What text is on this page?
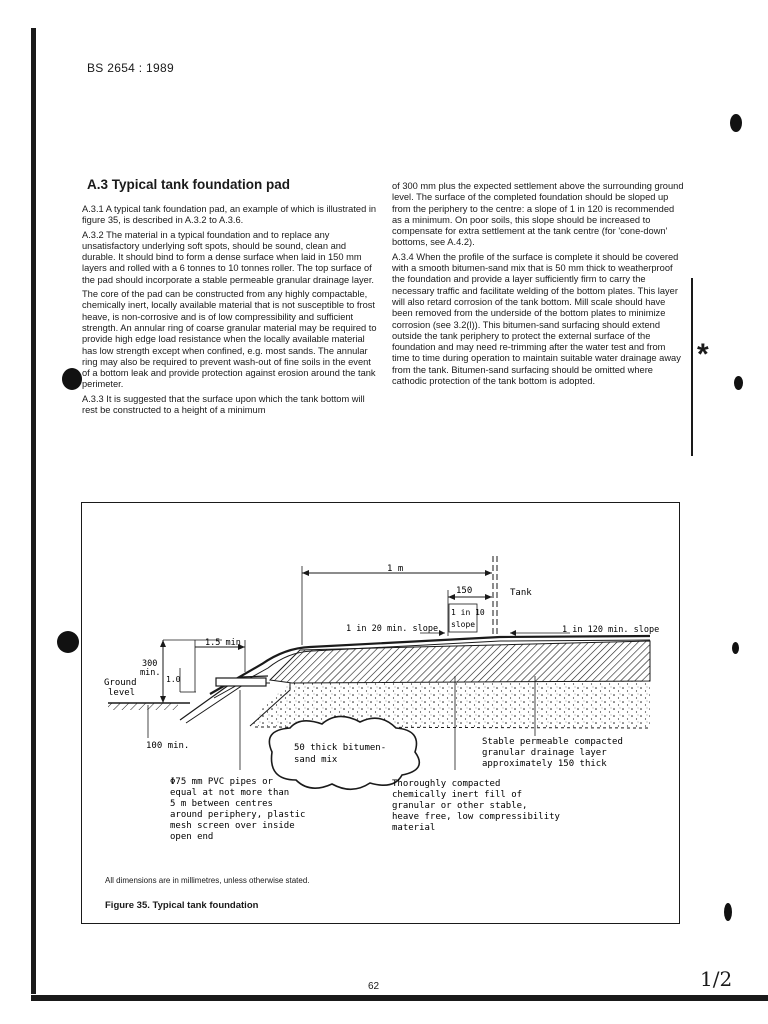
BS 2654 : 1989
A.3 Typical tank foundation pad

A.3.1 A typical tank foundation pad, an example of which is illustrated in figure 35, is described in A.3.2 to A.3.6.

A.3.2 The material in a typical foundation and to replace any unsatisfactory underlying soft spots, should be sound, clean and durable. It should bind to form a dense surface when laid in 150 mm layers and rolled with a 6 tonnes to 10 tonnes roller. The top surface of the pad should incorporate a stable permeable granular drainage layer.

The core of the pad can be constructed from any highly compactable, chemically inert, locally available material that is not susceptible to frost heave, is non-corrosive and is of low compressibility and sufficient strength. An annular ring of coarse granular material may be required to provide high edge load resistance when the locally available material has low strength except when confined, e.g. most sands. The annular ring may also be required to prevent wash-out of fine soils in the event of a bottom leak and provide protection against erosion around the tank perimeter.

A.3.3 It is suggested that the surface upon which the tank bottom will rest be constructed to a height of a minimum

of 300 mm plus the expected settlement above the surrounding ground level. The surface of the completed foundation should be sloped up from the periphery to the centre: a slope of 1 in 120 is recommended as a minimum. On poor soils, this slope should be increased to compensate for extra settlement at the tank centre (for 'cone-down' bottoms, see A.4.2).

A.3.4 When the profile of the surface is complete it should be covered with a smooth bitumen-sand mix that is 50 mm thick to weatherproof the foundation and provide a layer sufficiently firm to carry the necessary traffic and facilitate welding of the bottom plates. This layer will also retard corrosion of the tank bottom. Mill scale should have been removed from the underside of the bottom plates to minimize corrosion (see 3.2(l)). This bitumen-sand surfacing should extend outside the tank periphery to protect the external surface of the foundation and may need re-trimming after the water test and from time to time during operation to maintain suitable water drainage away from the tank. Bitumen-sand surfacing should be omitted where cathodic protection of the tank bottom is adopted.

*
1 m
150	Tank
1 in 10
slope
1 in 20 min. slope	1 in 120 min. slope
1.5 min
300
min.
1.0
Ground
level
100 min.	50 thick bitumen-
sand mix
Φ75 mm PVC pipes or
equal at not more than
5 m between centres
around periphery, plastic
mesh screen over inside
open end
Thoroughly compacted
chemically inert fill of
granular or other stable,
heave free, low compressibility
material
Stable permeable compacted
granular drainage layer
approximately 150 thick
All dimensions are in millimetres, unless otherwise stated.
Figure 35. Typical tank foundation
62	1/2
